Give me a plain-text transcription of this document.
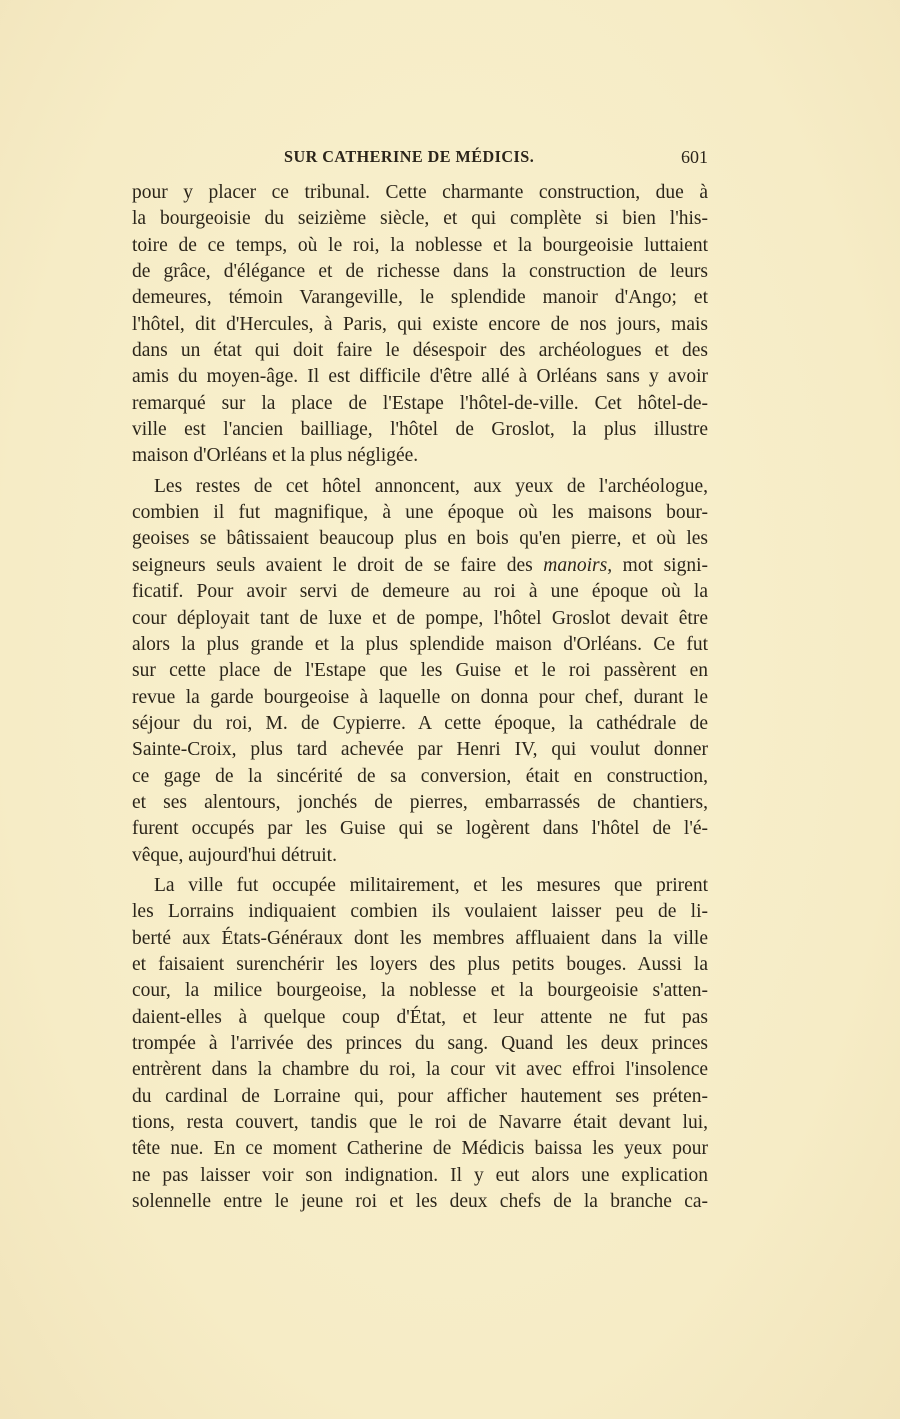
SUR CATHERINE DE MÉDICIS.	601
pour y placer ce tribunal. Cette charmante construction, due à
la bourgeoisie du seizième siècle, et qui complète si bien l'his-
toire de ce temps, où le roi, la noblesse et la bourgeoisie luttaient
de grâce, d'élégance et de richesse dans la construction de leurs
demeures, témoin Varangeville, le splendide manoir d'Ango; et
l'hôtel, dit d'Hercules, à Paris, qui existe encore de nos jours, mais
dans un état qui doit faire le désespoir des archéologues et des
amis du moyen-âge. Il est difficile d'être allé à Orléans sans y avoir
remarqué sur la place de l'Estape l'hôtel-de-ville. Cet hôtel-de-
ville est l'ancien bailliage, l'hôtel de Groslot, la plus illustre
maison d'Orléans et la plus négligée.
Les restes de cet hôtel annoncent, aux yeux de l'archéologue,
combien il fut magnifique, à une époque où les maisons bour-
geoises se bâtissaient beaucoup plus en bois qu'en pierre, et où les
seigneurs seuls avaient le droit de se faire des manoirs, mot signi-
ficatif. Pour avoir servi de demeure au roi à une époque où la
cour déployait tant de luxe et de pompe, l'hôtel Groslot devait être
alors la plus grande et la plus splendide maison d'Orléans. Ce fut
sur cette place de l'Estape que les Guise et le roi passèrent en
revue la garde bourgeoise à laquelle on donna pour chef, durant le
séjour du roi, M. de Cypierre. A cette époque, la cathédrale de
Sainte-Croix, plus tard achevée par Henri IV, qui voulut donner
ce gage de la sincérité de sa conversion, était en construction,
et ses alentours, jonchés de pierres, embarrassés de chantiers,
furent occupés par les Guise qui se logèrent dans l'hôtel de l'é-
vêque, aujourd'hui détruit.
La ville fut occupée militairement, et les mesures que prirent
les Lorrains indiquaient combien ils voulaient laisser peu de li-
berté aux États-Généraux dont les membres affluaient dans la ville
et faisaient surenchérir les loyers des plus petits bouges. Aussi la
cour, la milice bourgeoise, la noblesse et la bourgeoisie s'atten-
daient-elles à quelque coup d'État, et leur attente ne fut pas
trompée à l'arrivée des princes du sang. Quand les deux princes
entrèrent dans la chambre du roi, la cour vit avec effroi l'insolence
du cardinal de Lorraine qui, pour afficher hautement ses préten-
tions, resta couvert, tandis que le roi de Navarre était devant lui,
tête nue. En ce moment Catherine de Médicis baissa les yeux pour
ne pas laisser voir son indignation. Il y eut alors une explication
solennelle entre le jeune roi et les deux chefs de la branche ca-
